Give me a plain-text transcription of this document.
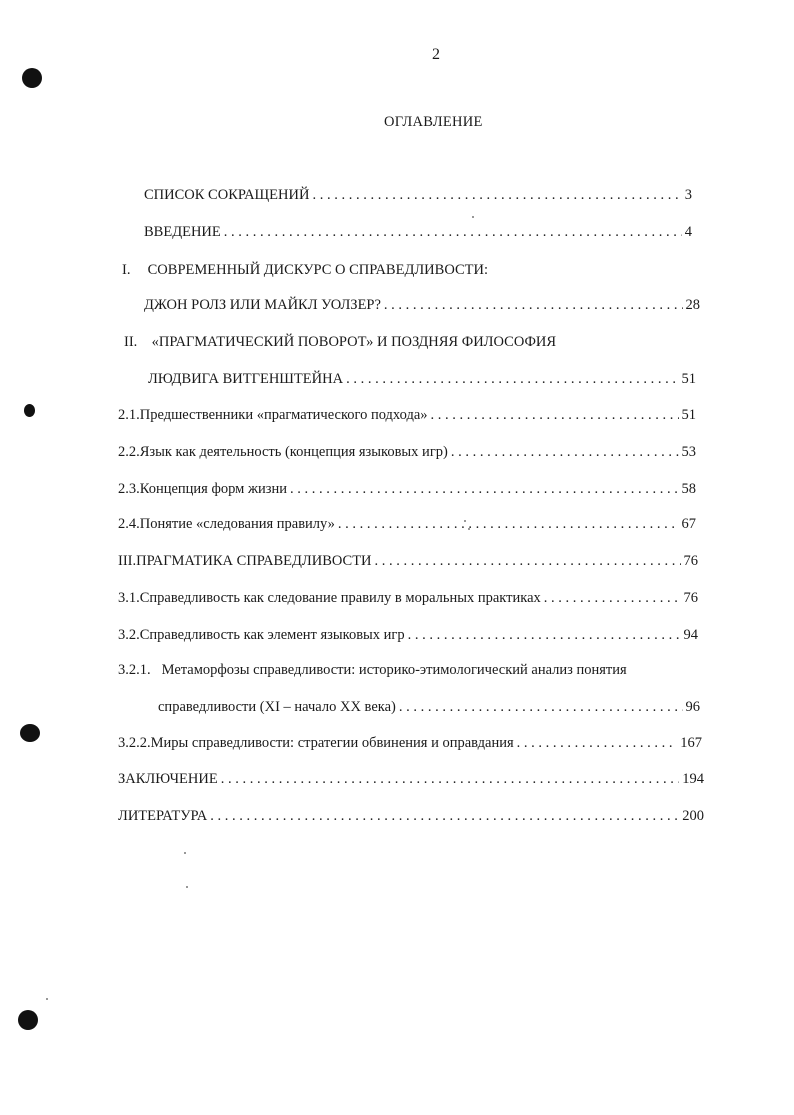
2
ОГЛАВЛЕНИЕ
СПИСОК СОКРАЩЕНИЙ . . .	3
ВВЕДЕНИЕ . . .	4
I. СОВРЕМЕННЫЙ ДИСКУРС О СПРАВЕДЛИВОСТИ:
ДЖОН РОЛЗ ИЛИ МАЙКЛ УОЛЗЕР? . . .	28
II. «ПРАГМАТИЧЕСКИЙ ПОВОРОТ» И ПОЗДНЯЯ ФИЛОСОФИЯ
ЛЮДВИГА ВИТГЕНШТЕЙНА . . .	51
2.1. Предшественники «прагматического подхода» . . .	51
2.2. Язык как деятельность (концепция языковых игр) . . .	53
2.3. Концепция форм жизни . . .	58
2.4. Понятие «следования правилу» . . .	67
III. ПРАГМАТИКА СПРАВЕДЛИВОСТИ . . .	76
3.1. Справедливость как следование правилу в моральных практиках . . .	76
3.2. Справедливость как элемент языковых игр . . .	94
3.2.1. Метаморфозы справедливости: историко-этимологический анализ понятия
справедливости (XI – начало XX века) . . .	96
3.2.2. Миры справедливости: стратегии обвинения и оправдания . . .	167
ЗАКЛЮЧЕНИЕ . . .	194
ЛИТЕРАТУРА . . .	200
